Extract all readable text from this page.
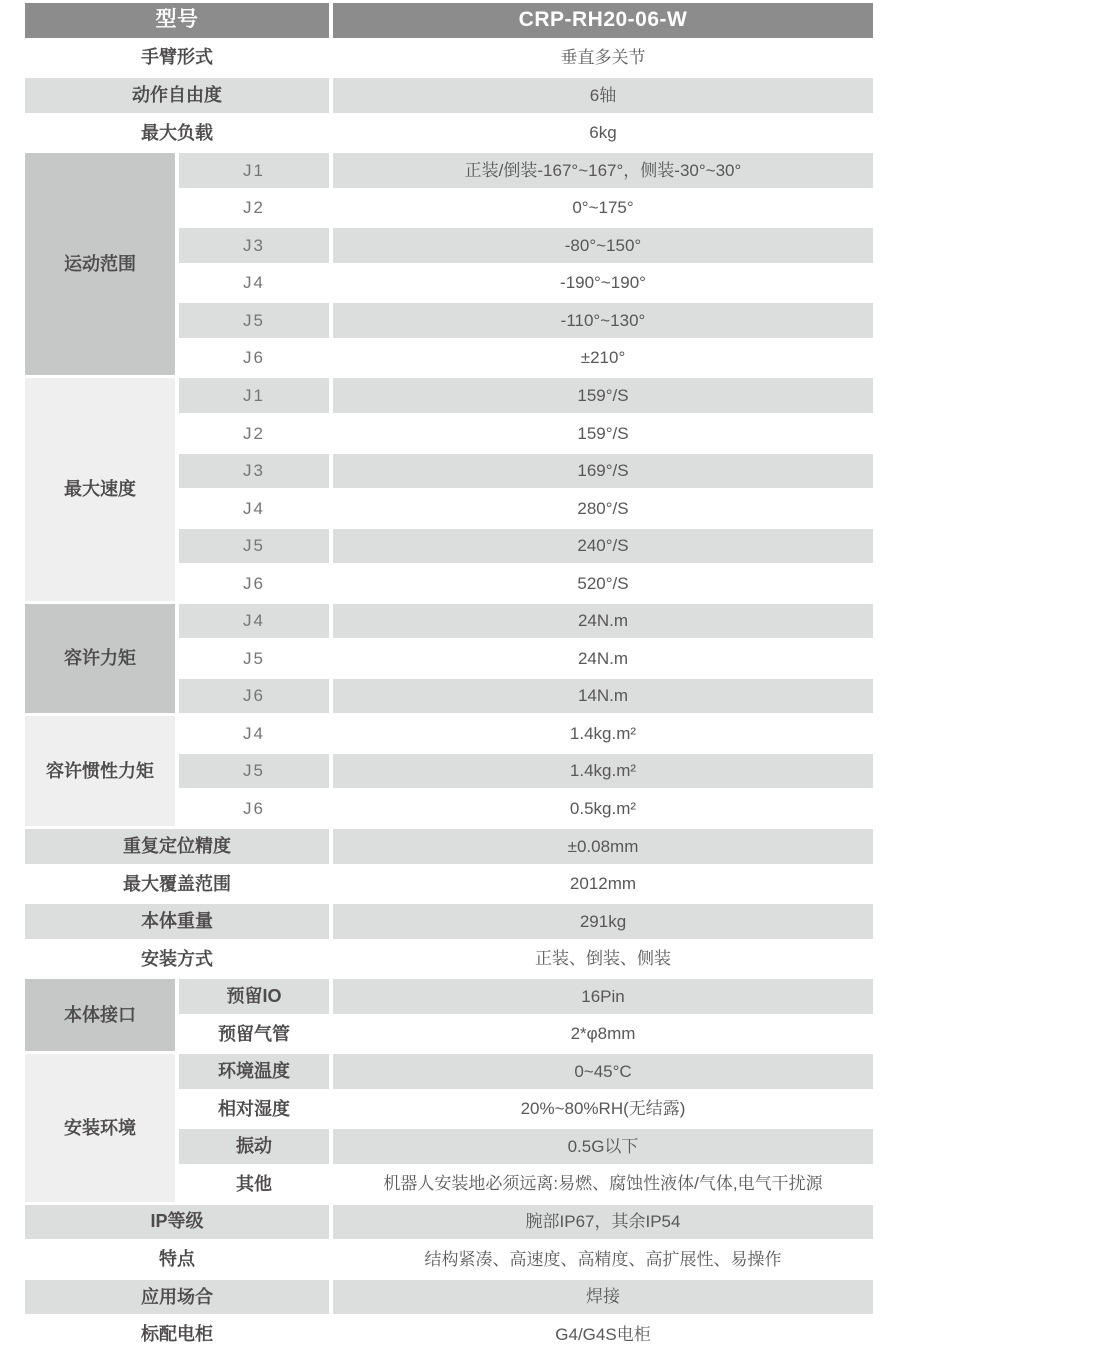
型号	CRP-RH20-06-W
手臂形式	垂直多关节
动作自由度	6轴
最大负载	6kg
运动范围
J1	正装/倒装-167°~167°，侧装-30°~30°
J2	0°~175°
J3	-80°~150°
J4	-190°~190°
J5	-110°~130°
J6	±210°
最大速度
J1	159°/S
J2	159°/S
J3	169°/S
J4	280°/S
J5	240°/S
J6	520°/S
容许力矩
J4	24N.m
J5	24N.m
J6	14N.m
容许惯性力矩
J4	1.4kg.m²
J5	1.4kg.m²
J6	0.5kg.m²
重复定位精度	±0.08mm
最大覆盖范围	2012mm
本体重量	291kg
安装方式	正装、倒装、侧装
本体接口
预留IO	16Pin
预留气管	2*φ8mm
安装环境
环境温度	0~45°C
相对湿度	20%~80%RH(无结露)
振动	0.5G以下
其他	机器人安装地必须远离:易燃、腐蚀性液体/气体,电气干扰源
IP等级	腕部IP67，其余IP54
特点	结构紧凑、高速度、高精度、高扩展性、易操作
应用场合	焊接
标配电柜	G4/G4S电柜
